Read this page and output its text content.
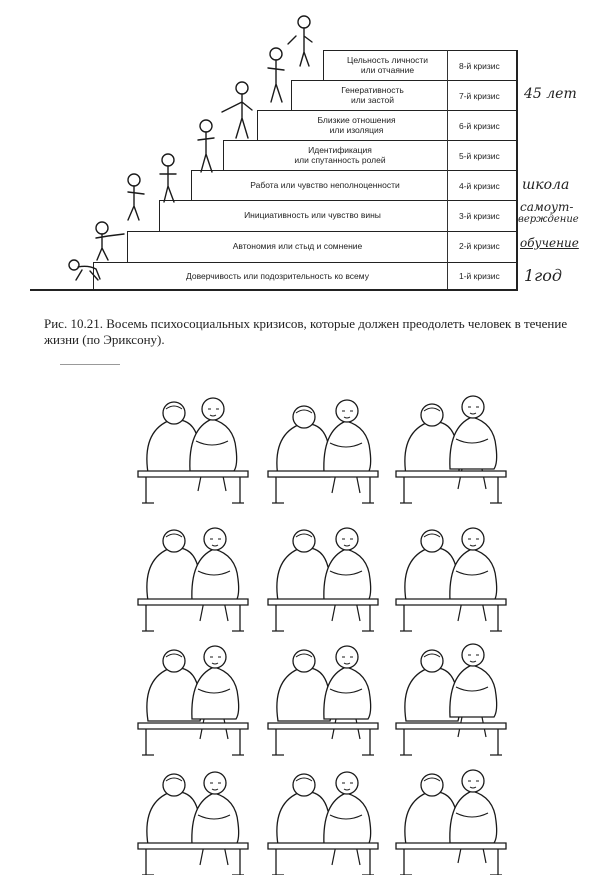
Доверчивость или подозрительность ко всему
Автономия или стыд и сомнение
Инициативность или чувство вины
Работа или чувство неполноценности
Идентификация
или спутанность ролей
Близкие отношения
или изоляция
Генеративность
или застой
Цельность личности
или отчаяние
1-й кризис
2-й кризис
3-й кризис
4-й кризис
5-й кризис
6-й кризис
7-й кризис
8-й кризис
1год
обучение
самоут-
верждение
школа
45 лет
Рис. 10.21. Восемь психосоциальных кризисов, которые должен преодолеть человек в течение жизни (по Эриксону).
